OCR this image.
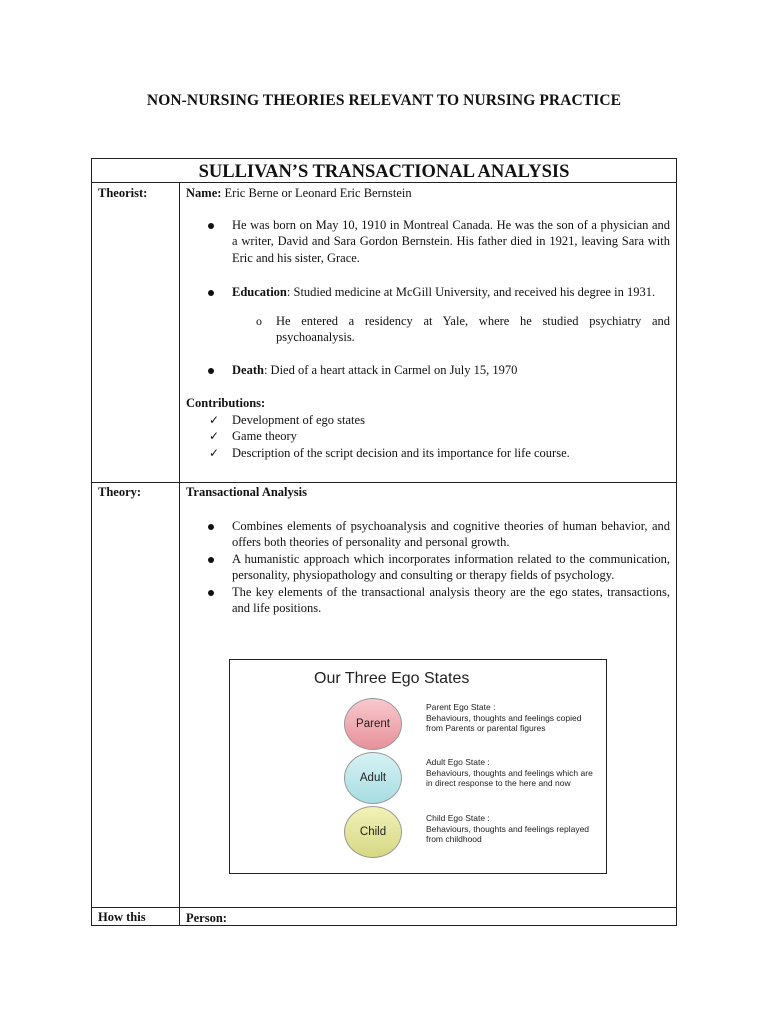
NON-NURSING THEORIES RELEVANT TO NURSING PRACTICE
SULLIVAN’S TRANSACTIONAL ANALYSIS
Theorist:	Name: Eric Berne or Leonard Eric Bernstein
He was born on May 10, 1910 in Montreal Canada. He was the son of a physician and a writer, David and Sara Gordon Bernstein. His father died in 1921, leaving Sara with Eric and his sister, Grace.
Education: Studied medicine at McGill University, and received his degree in 1931.
o He entered a residency at Yale, where he studied psychiatry and psychoanalysis.
Death: Died of a heart attack in Carmel on July 15, 1970
Contributions:
✓ Development of ego states
✓ Game theory
✓ Description of the script decision and its importance for life course.
Theory:	Transactional Analysis
Combines elements of psychoanalysis and cognitive theories of human behavior, and offers both theories of personality and personal growth.
A humanistic approach which incorporates information related to the communication, personality, physiopathology and consulting or therapy fields of psychology.
The key elements of the transactional analysis theory are the ego states, transactions, and life positions.
Our Three Ego States
Parent
Adult
Child
Parent Ego State :
Behaviours, thoughts and feelings copied from Parents or parental figures
Adult Ego State :
Behaviours, thoughts and feelings which are in direct response to the here and now
Child Ego State :
Behaviours, thoughts and feelings replayed from childhood
How this	Person:
